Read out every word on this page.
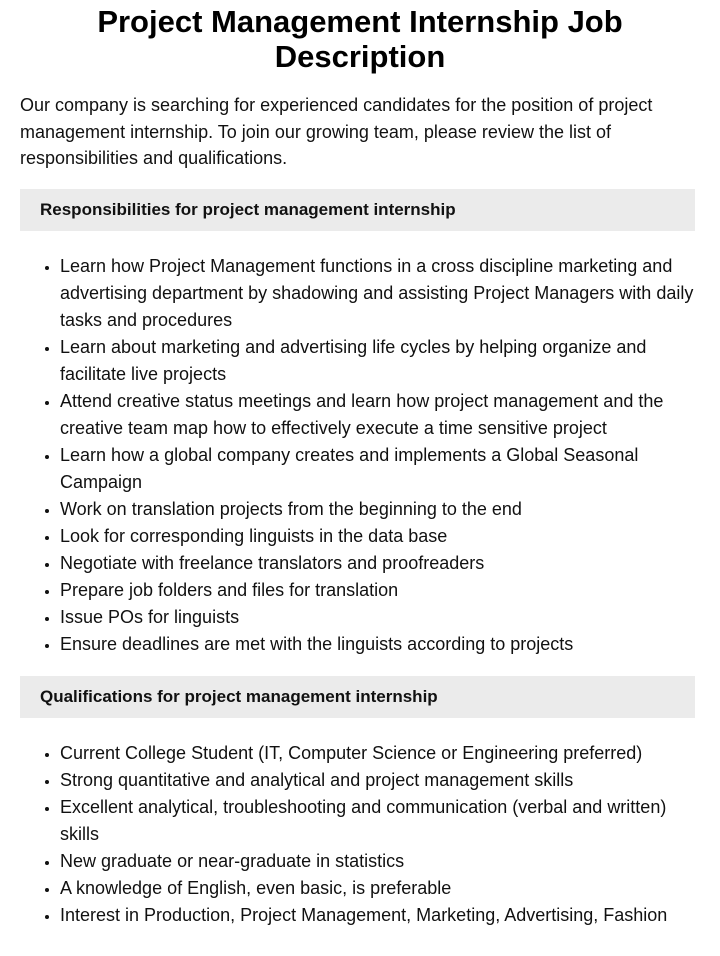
Project Management Internship Job Description

Our company is searching for experienced candidates for the position of project management internship. To join our growing team, please review the list of responsibilities and qualifications.

Responsibilities for project management internship
• Learn how Project Management functions in a cross discipline marketing and advertising department by shadowing and assisting Project Managers with daily tasks and procedures
• Learn about marketing and advertising life cycles by helping organize and facilitate live projects
• Attend creative status meetings and learn how project management and the creative team map how to effectively execute a time sensitive project
• Learn how a global company creates and implements a Global Seasonal Campaign
• Work on translation projects from the beginning to the end
• Look for corresponding linguists in the data base
• Negotiate with freelance translators and proofreaders
• Prepare job folders and files for translation
• Issue POs for linguists
• Ensure deadlines are met with the linguists according to projects
Qualifications for project management internship
• Current College Student (IT, Computer Science or Engineering preferred)
• Strong quantitative and analytical and project management skills
• Excellent analytical, troubleshooting and communication (verbal and written) skills
• New graduate or near-graduate in statistics
• A knowledge of English, even basic, is preferable
• Interest in Production, Project Management, Marketing, Advertising, Fashion
